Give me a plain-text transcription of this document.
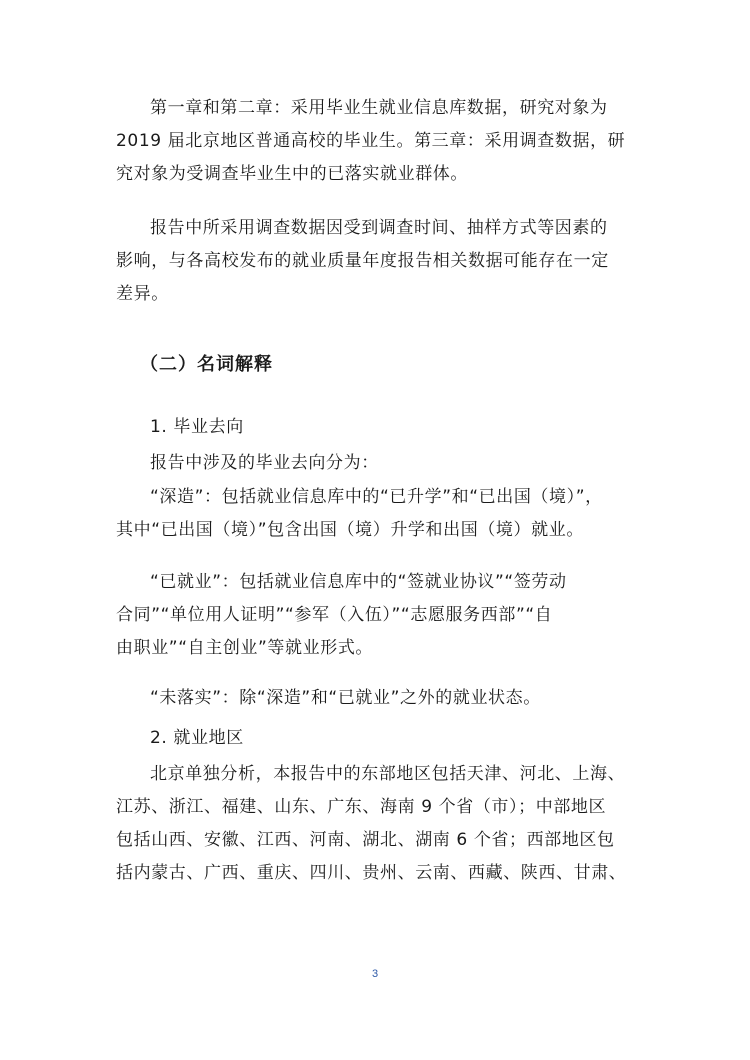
第一章和第二章：采用毕业生就业信息库数据，研究对象为
2019 届北京地区普通高校的毕业生。第三章：采用调查数据，研
究对象为受调查毕业生中的已落实就业群体。

报告中所采用调查数据因受到调查时间、抽样方式等因素的
影响，与各高校发布的就业质量年度报告相关数据可能存在一定
差异。

（二）名词解释

1. 毕业去向

报告中涉及的毕业去向分为：

“深造”：包括就业信息库中的“已升学”和“已出国（境）”，
其中“已出国（境）”包含出国（境）升学和出国（境）就业。

“已就业”：包括就业信息库中的“签就业协议”“签劳动
合同”“单位用人证明”“参军（入伍）”“志愿服务西部”“自
由职业”“自主创业”等就业形式。

“未落实”：除“深造”和“已就业”之外的就业状态。

2. 就业地区

北京单独分析，本报告中的东部地区包括天津、河北、上海、
江苏、浙江、福建、山东、广东、海南 9 个省（市）；中部地区
包括山西、安徽、江西、河南、湖北、湖南 6 个省；西部地区包
括内蒙古、广西、重庆、四川、贵州、云南、西藏、陕西、甘肃、

3
